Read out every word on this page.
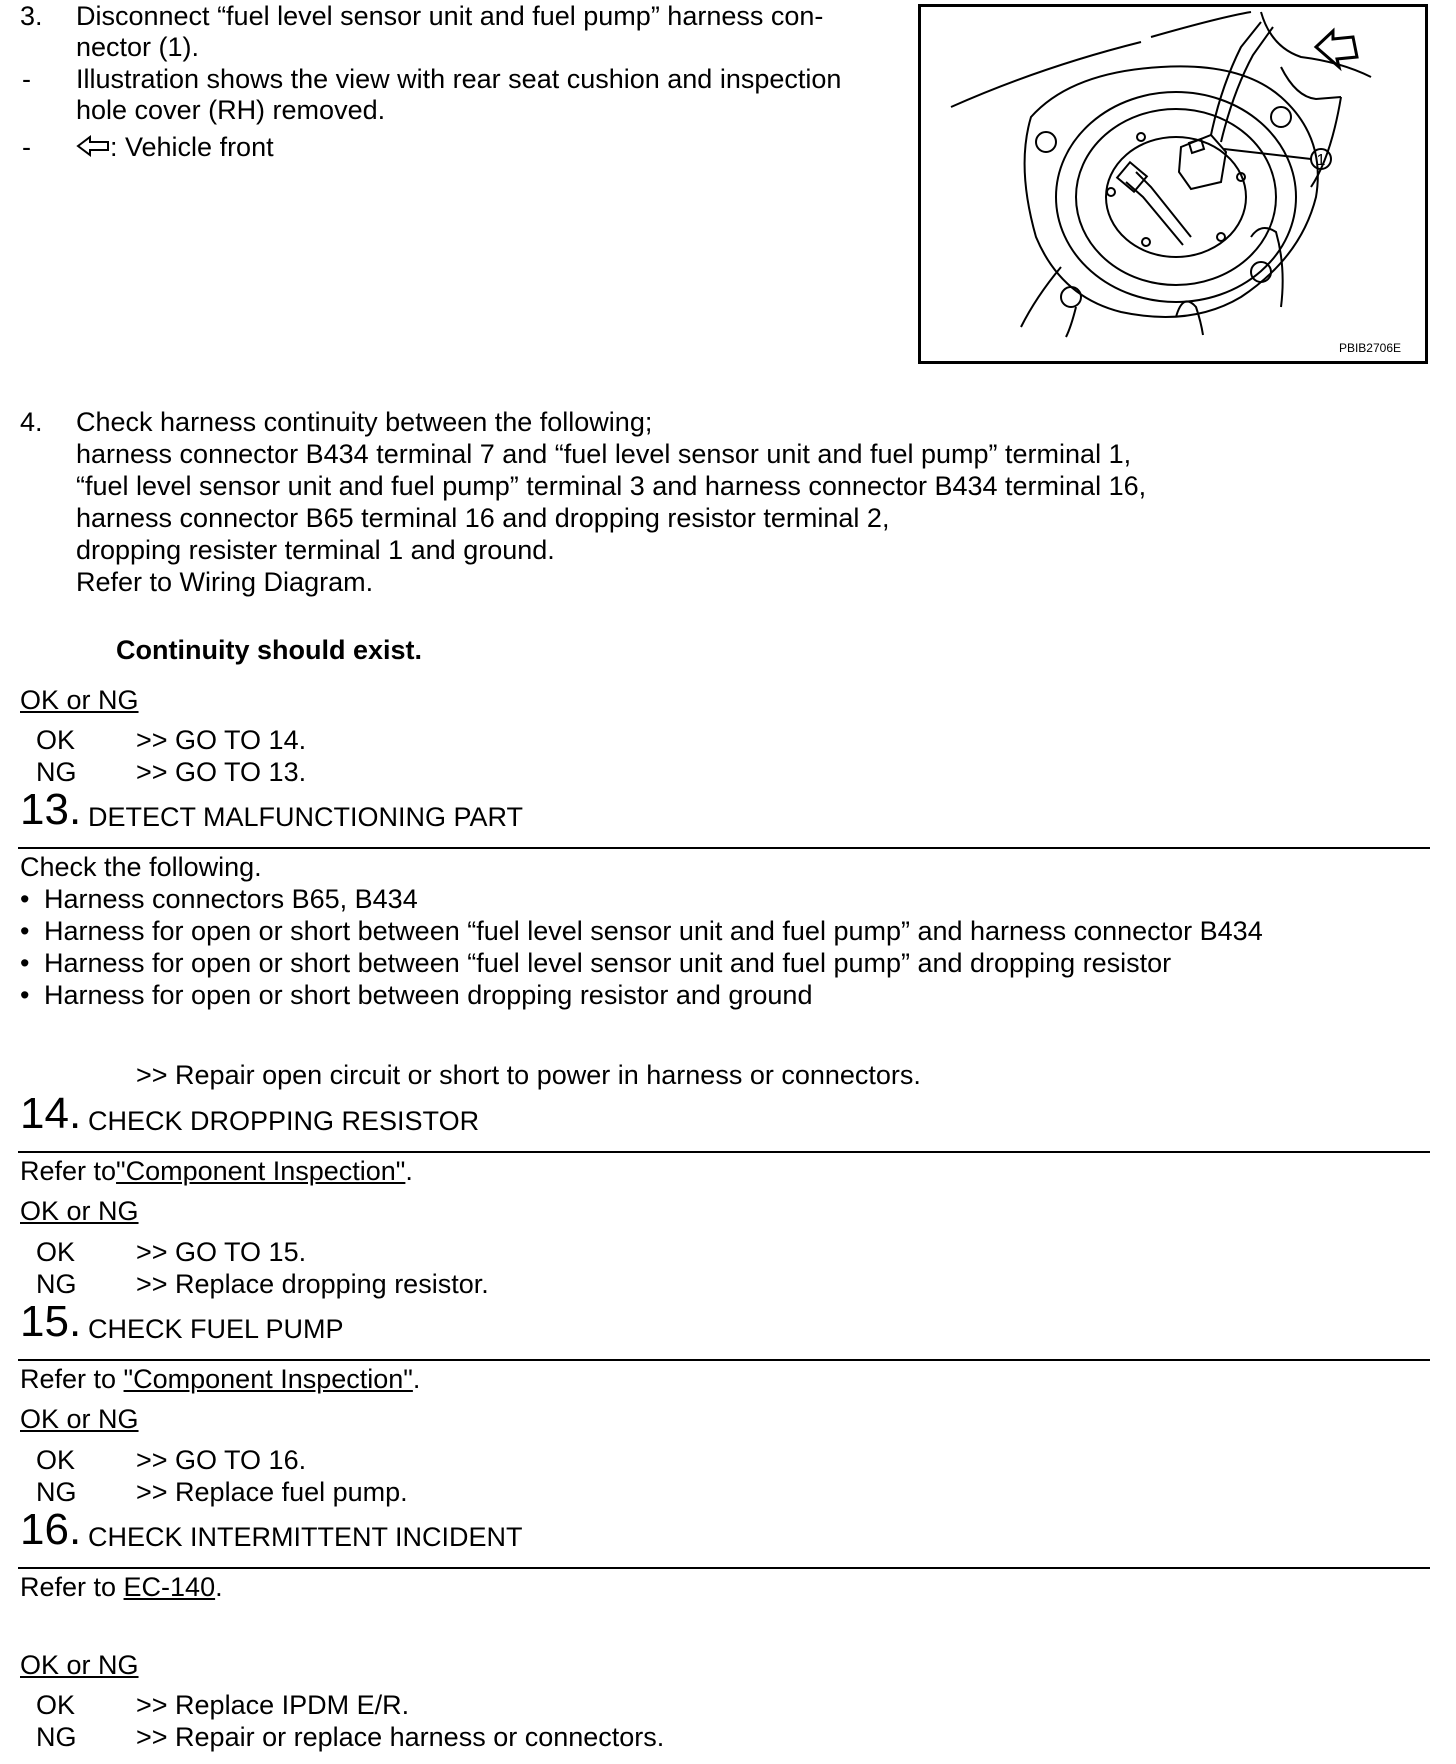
3. Disconnect “fuel level sensor unit and fuel pump” harness con-
nector (1).
- Illustration shows the view with rear seat cushion and inspection
hole cover (RH) removed.
-	: Vehicle front	1
PBIB2706E
4. Check harness continuity between the following;
harness connector B434 terminal 7 and “fuel level sensor unit and fuel pump” terminal 1,
“fuel level sensor unit and fuel pump” terminal 3 and harness connector B434 terminal 16,
harness connector B65 terminal 16 and dropping resistor terminal 2,
dropping resister terminal 1 and ground.
Refer to Wiring Diagram.
Continuity should exist.
OK or NG
OK >> GO TO 14.
NG >> GO TO 13.
13. DETECT MALFUNCTIONING PART
Check the following.
• Harness connectors B65, B434
• Harness for open or short between “fuel level sensor unit and fuel pump” and harness connector B434
• Harness for open or short between “fuel level sensor unit and fuel pump” and dropping resistor
• Harness for open or short between dropping resistor and ground
>> Repair open circuit or short to power in harness or connectors.
14. CHECK DROPPING RESISTOR
Refer to"Component Inspection".
OK or NG
OK >> GO TO 15.
NG >> Replace dropping resistor.
15. CHECK FUEL PUMP
Refer to "Component Inspection".
OK or NG
OK >> GO TO 16.
NG >> Replace fuel pump.
16. CHECK INTERMITTENT INCIDENT
Refer to EC-140.
OK or NG
OK >> Replace IPDM E/R.
NG >> Repair or replace harness or connectors.
